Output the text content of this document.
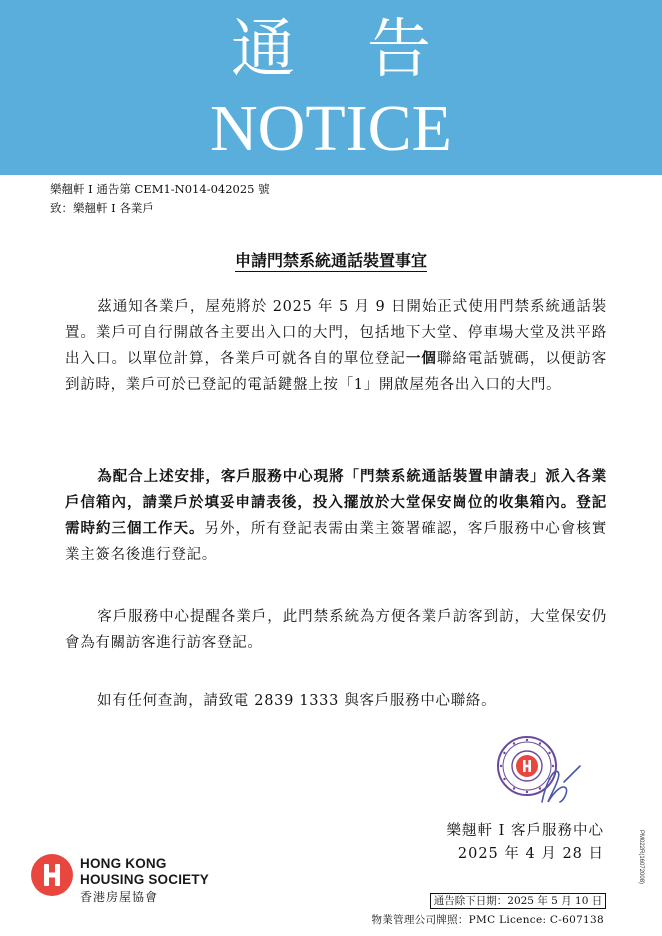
通告
NOTICE
樂翹軒 I 通告第 CEM1-N014-042025 號
致：樂翹軒 I 各業戶
申請門禁系統通話裝置事宜

茲通知各業戶，屋苑將於 2025 年 5 月 9 日開始正式使用門禁系統通話裝置。業戶可自行開啟各主要出入口的大門，包括地下大堂、停車場大堂及洪平路出入口。以單位計算，各業戶可就各自的單位登記一個聯絡電話號碼，以便訪客到訪時，業戶可於已登記的電話鍵盤上按「1」開啟屋苑各出入口的大門。

為配合上述安排，客戶服務中心現將「門禁系統通話裝置申請表」派入各業戶信箱內，請業戶於填妥申請表後，投入擺放於大堂保安崗位的收集箱內。登記需時約三個工作天。另外，所有登記表需由業主簽署確認，客戶服務中心會核實業主簽名後進行登記。

客戶服務中心提醒各業戶，此門禁系統為方便各業戶訪客到訪，大堂保安仍會為有關訪客進行訪客登記。

如有任何查詢，請致電 2839 1333 與客戶服務中心聯絡。

樂翹軒 I 客戶服務中心
2025 年 4 月 28 日
HONG KONG
HOUSING SOCIETY
香港房屋協會	通告除下日期：2025 年 5 月 10 日
物業管理公司牌照：PMC Licence: C-607138
PM022R(16072008)
